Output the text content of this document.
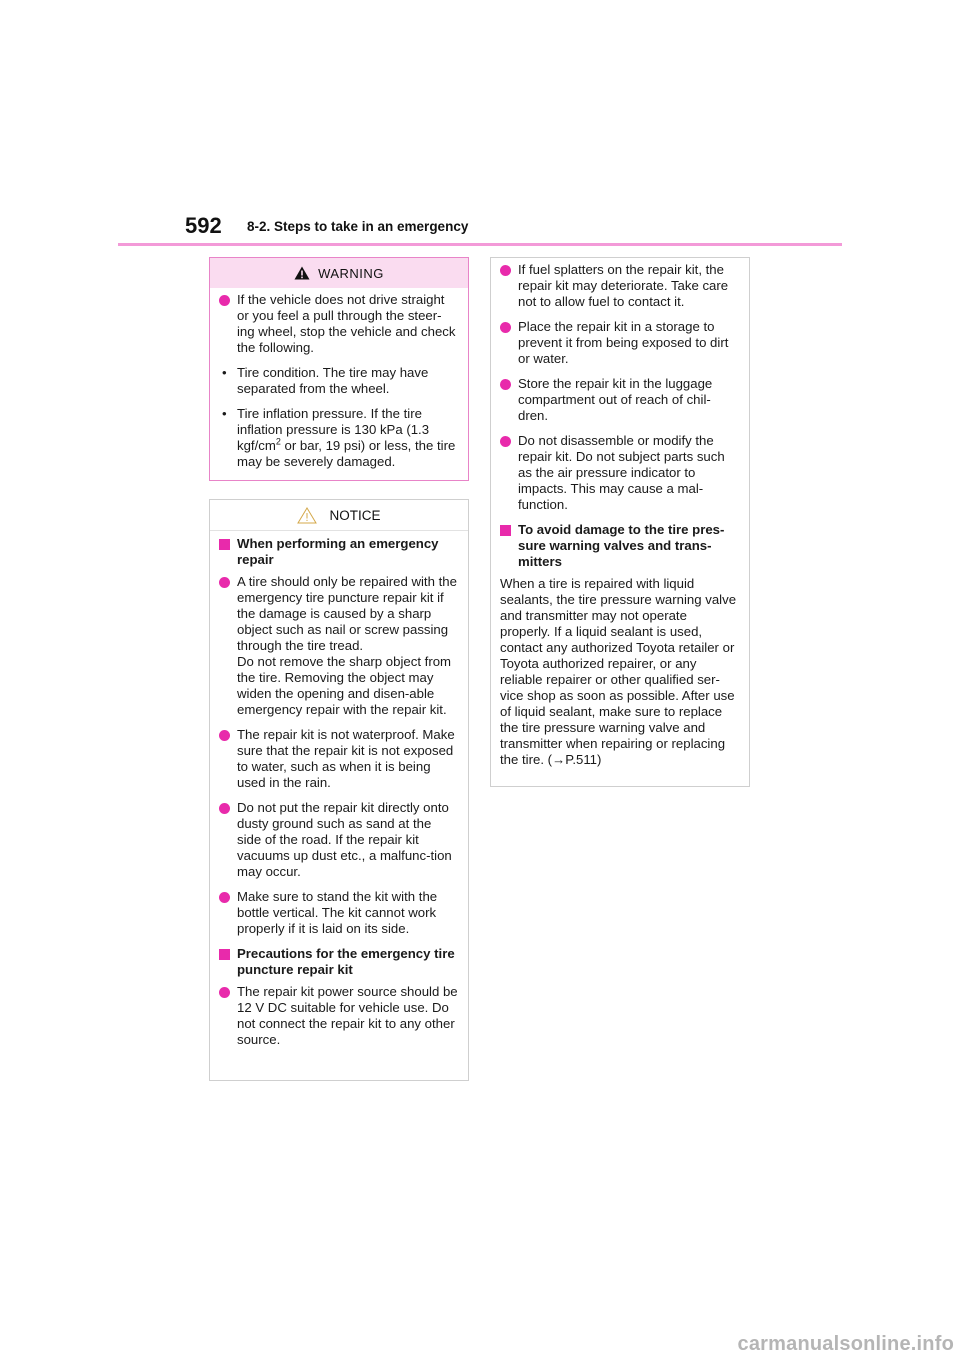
592 8-2. Steps to take in an emergency
WARNING
If the vehicle does not drive straight or you feel a pull through the steer-ing wheel, stop the vehicle and check the following.
• Tire condition. The tire may have separated from the wheel.
• Tire inflation pressure. If the tire inflation pressure is 130 kPa (1.3 kgf/$cm^2$ or bar, 19 psi) or less, the tire may be severely damaged.
NOTICE
When performing an emergency repair
A tire should only be repaired with the emergency tire puncture repair kit if the damage is caused by a sharp object such as nail or screw passing through the tire tread.
Do not remove the sharp object from the tire. Removing the object may widen the opening and disen-able emergency repair with the repair kit.
The repair kit is not waterproof. Make sure that the repair kit is not exposed to water, such as when it is being used in the rain.
Do not put the repair kit directly onto dusty ground such as sand at the side of the road. If the repair kit vacuums up dust etc., a malfunc-tion may occur.
Make sure to stand the kit with the bottle vertical. The kit cannot work properly if it is laid on its side.
Precautions for the emergency tire puncture repair kit
The repair kit power source should be 12 V DC suitable for vehicle use. Do not connect the repair kit to any other source.
If fuel splatters on the repair kit, the repair kit may deteriorate. Take care not to allow fuel to contact it.
Place the repair kit in a storage to prevent it from being exposed to dirt or water.
Store the repair kit in the luggage compartment out of reach of chil-dren.
Do not disassemble or modify the repair kit. Do not subject parts such as the air pressure indicator to impacts. This may cause a mal-function.
To avoid damage to the tire pres-sure warning valves and trans-mitters
When a tire is repaired with liquid sealants, the tire pressure warning valve and transmitter may not operate properly. If a liquid sealant is used, contact any authorized Toyota retailer or Toyota authorized repairer, or any reliable repairer or other qualified ser-vice shop as soon as possible. After use of liquid sealant, make sure to replace the tire pressure warning valve and transmitter when repairing or replacing the tire. (→P.511)
carmanualsonline.info
